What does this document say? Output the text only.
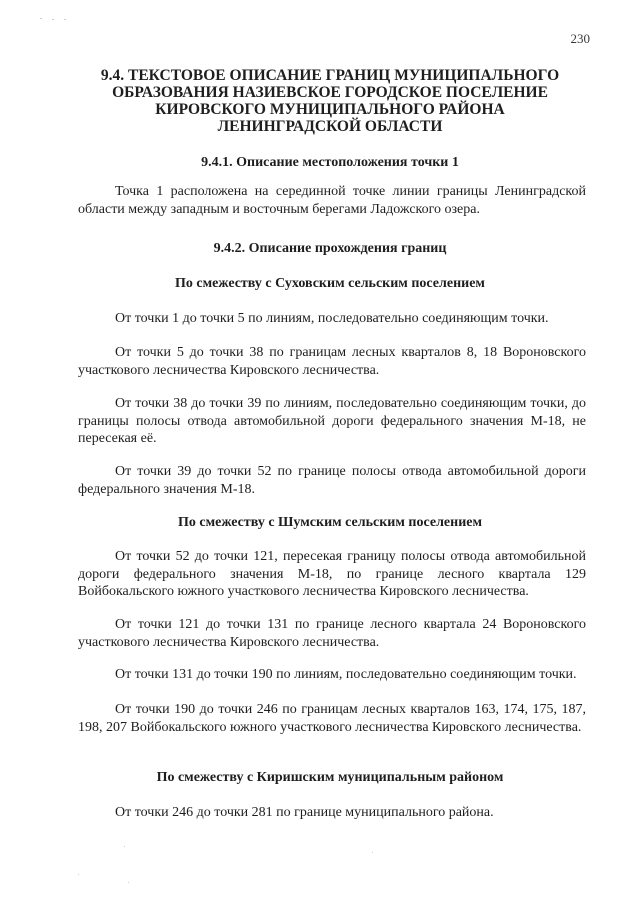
230
9.4. ТЕКСТОВОЕ ОПИСАНИЕ ГРАНИЦ МУНИЦИПАЛЬНОГО
ОБРАЗОВАНИЯ НАЗИЕВСКОЕ ГОРОДСКОЕ ПОСЕЛЕНИЕ
КИРОВСКОГО МУНИЦИПАЛЬНОГО РАЙОНА
ЛЕНИНГРАДСКОЙ ОБЛАСТИ
9.4.1. Описание местоположения точки 1
Точка 1 расположена на серединной точке линии границы Ленинградской области между западным и восточным берегами Ладожского озера.
9.4.2. Описание прохождения границ
По смежеству с Суховским сельским поселением
От точки 1 до точки 5 по линиям, последовательно соединяющим точки.
От точки 5 до точки 38 по границам лесных кварталов 8, 18 Вороновского участкового лесничества Кировского лесничества.
От точки 38 до точки 39 по линиям, последовательно соединяющим точки, до границы полосы отвода автомобильной дороги федерального значения М-18, не пересекая её.
От точки 39 до точки 52 по границе полосы отвода автомобильной дороги федерального значения М-18.
По смежеству с Шумским сельским поселением
От точки 52 до точки 121, пересекая границу полосы отвода автомобильной дороги федерального значения М-18, по границе лесного квартала 129 Войбокальского южного участкового лесничества Кировского лесничества.
От точки 121 до точки 131 по границе лесного квартала 24 Вороновского участкового лесничества Кировского лесничества.
От точки 131 до точки 190 по линиям, последовательно соединяющим точки.
От точки 190 до точки 246 по границам лесных кварталов 163, 174, 175, 187, 198, 207 Войбокальского южного участкового лесничества Кировского лесничества.
По смежеству с Киришским муниципальным районом
От точки 246 до точки 281 по границе муниципального района.
